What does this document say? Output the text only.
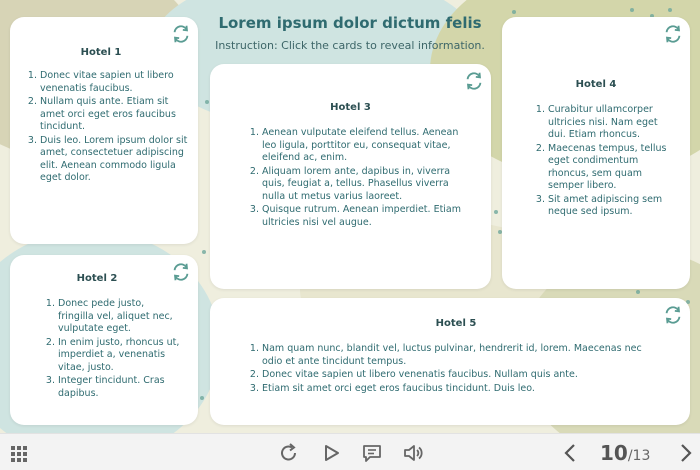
Lorem ipsum dolor dictum felis
Instruction: Click the cards to reveal information.
Hotel 1
1. Donec vitae sapien ut libero venenatis faucibus.
2. Nullam quis ante. Etiam sit amet orci eget eros faucibus tincidunt.
3. Duis leo. Lorem ipsum dolor sit amet, consectetuer adipiscing elit. Aenean commodo ligula eget dolor.
Hotel 2
1. Donec pede justo, fringilla vel, aliquet nec, vulputate eget.
2. In enim justo, rhoncus ut, imperdiet a, venenatis vitae, justo.
3. Integer tincidunt. Cras dapibus.
Hotel 3
1. Aenean vulputate eleifend tellus. Aenean leo ligula, porttitor eu, consequat vitae, eleifend ac, enim.
2. Aliquam lorem ante, dapibus in, viverra quis, feugiat a, tellus. Phasellus viverra nulla ut metus varius laoreet.
3. Quisque rutrum. Aenean imperdiet. Etiam ultricies nisi vel augue.
Hotel 4
1. Curabitur ullamcorper ultricies nisi. Nam eget dui. Etiam rhoncus.
2. Maecenas tempus, tellus eget condimentum rhoncus, sem quam semper libero.
3. Sit amet adipiscing sem neque sed ipsum.
Hotel 5
1. Nam quam nunc, blandit vel, luctus pulvinar, hendrerit id, lorem. Maecenas nec odio et ante tincidunt tempus.
2. Donec vitae sapien ut libero venenatis faucibus. Nullam quis ante.
3. Etiam sit amet orci eget eros faucibus tincidunt. Duis leo.
10/13
